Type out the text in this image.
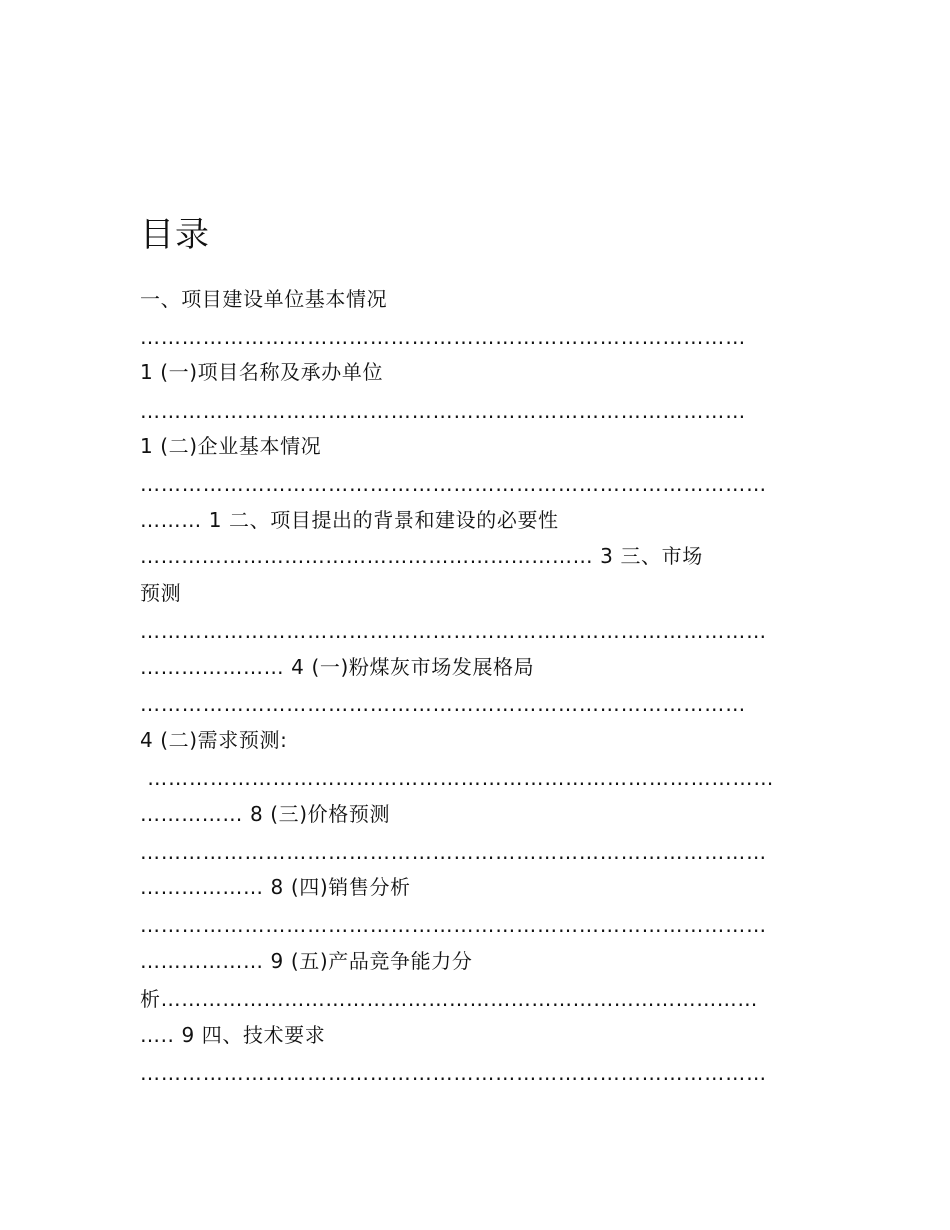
目录
一、项目建设单位基本情况
……………………………………………………………………………
1 (一)项目名称及承办单位
……………………………………………………………………………
1 (二)企业基本情况
………………………………………………………………………………
……… 1 二、项目提出的背景和建设的必要性
………………………………………………………… 3 三、市场
预测
………………………………………………………………………………
………………… 4 (一)粉煤灰市场发展格局
……………………………………………………………………………
4 (二)需求预测:
………………………………………………………………………………
…………… 8 (三)价格预测
………………………………………………………………………………
……………… 8 (四)销售分析
………………………………………………………………………………
……………… 9 (五)产品竞争能力分
析……………………………………………………………………………
….. 9 四、技术要求
………………………………………………………………………………
